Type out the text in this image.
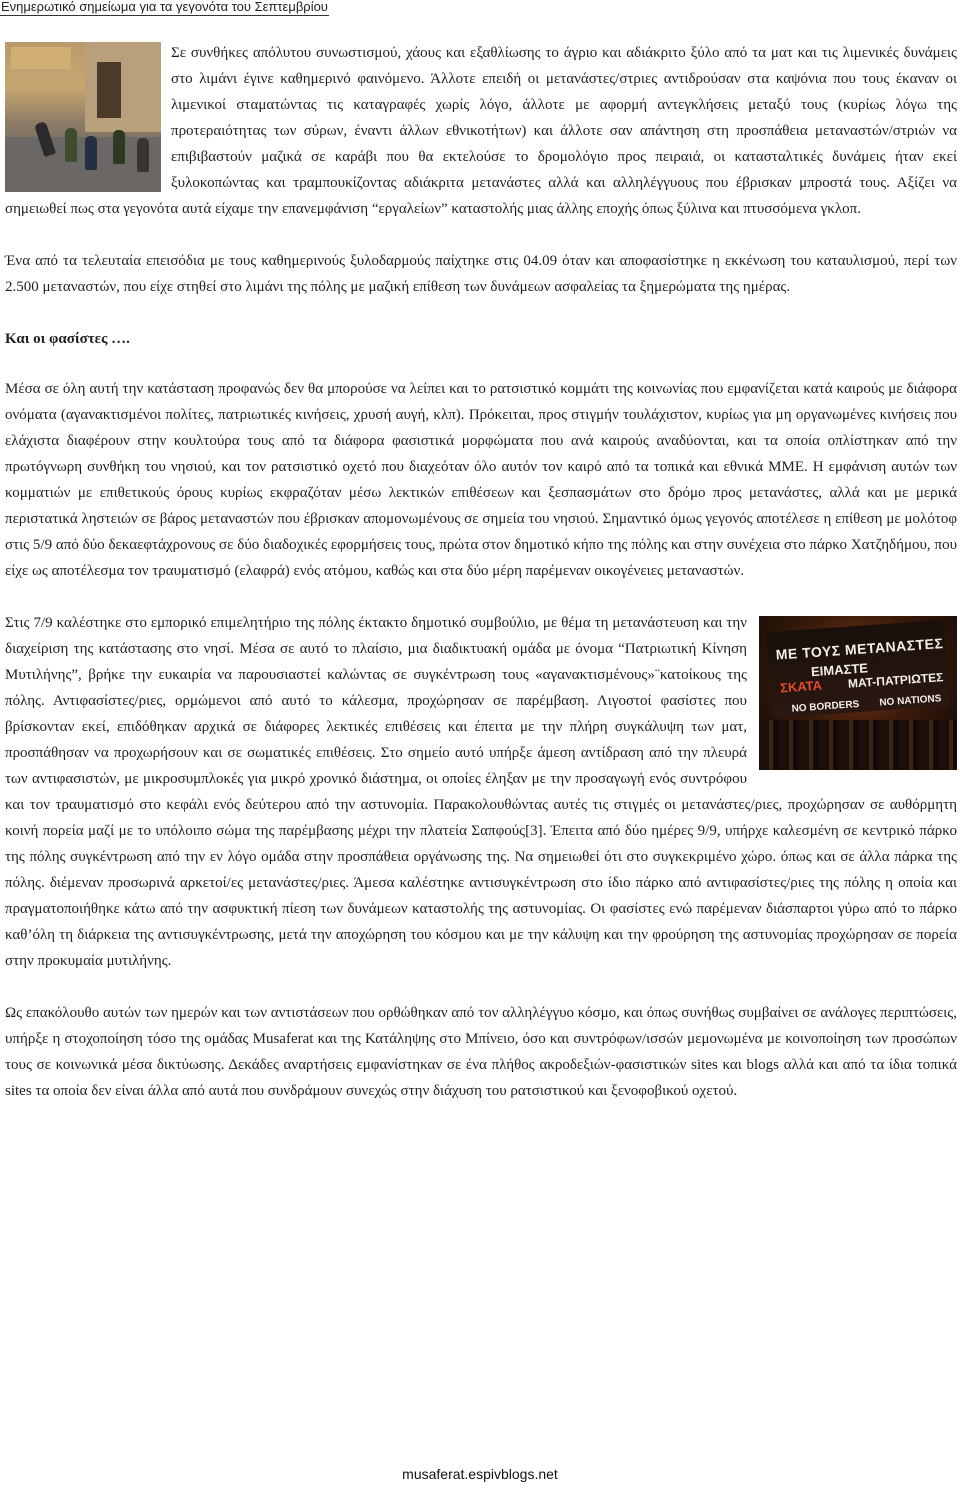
Ενημερωτικό σημείωμα για τα γεγονότα του Σεπτεμβρίου

Σε συνθήκες απόλυτου συνωστισμού, χάους και εξαθλίωσης το άγριο και αδιάκριτο ξύλο από τα ματ και τις λιμενικές δυνάμεις στο λιμάνι έγινε καθημερινό φαινόμενο. Άλλοτε επειδή οι μετανάστες/στριες αντιδρούσαν στα καψόνια που τους έκαναν οι λιμενικοί σταματώντας τις καταγραφές χωρίς λόγο, άλλοτε με αφορμή αντεγκλήσεις μεταξύ τους (κυρίως λόγω της προτεραιότητας των σύρων, έναντι άλλων εθνικοτήτων) και άλλοτε σαν απάντηση στη προσπάθεια μεταναστών/στριών να επιβιβαστούν μαζικά σε καράβι που θα εκτελούσε το δρομολόγιο προς πειραιά, οι κατασταλτικές δυνάμεις ήταν εκεί ξυλοκοπώντας και τραμπουκίζοντας αδιάκριτα μετανάστες αλλά και αλληλέγγυους που έβρισκαν μπροστά τους. Αξίζει να σημειωθεί πως στα γεγονότα αυτά είχαμε την επανεμφάνιση “εργαλείων” καταστολής μιας άλλης εποχής όπως ξύλινα και πτυσσόμενα γκλοπ.

Ένα από τα τελευταία επεισόδια με τους καθημερινούς ξυλοδαρμούς παίχτηκε στις 04.09 όταν και αποφασίστηκε η εκκένωση του καταυλισμού, περί των 2.500 μεταναστών, που είχε στηθεί στο λιμάνι της πόλης με μαζική επίθεση των δυνάμεων ασφαλείας τα ξημερώματα της ημέρας.

Και οι φασίστες ….

Μέσα σε όλη αυτή την κατάσταση προφανώς δεν θα μπορούσε να λείπει και το ρατσιστικό κομμάτι της κοινωνίας που εμφανίζεται κατά καιρούς με διάφορα ονόματα (αγανακτισμένοι πολίτες, πατριωτικές κινήσεις, χρυσή αυγή, κλπ). Πρόκειται, προς στιγμήν τουλάχιστον, κυρίως για μη οργανωμένες κινήσεις που ελάχιστα διαφέρουν στην κουλτούρα τους από τα διάφορα φασιστικά μορφώματα που ανά καιρούς αναδύονται, και τα οποία οπλίστηκαν από την πρωτόγνωρη συνθήκη του νησιού, και τον ρατσιστικό οχετό που διαχεόταν όλο αυτόν τον καιρό από τα τοπικά και εθνικά ΜΜΕ. Η εμφάνιση αυτών των κομματιών με επιθετικούς όρους κυρίως εκφραζόταν μέσω λεκτικών επιθέσεων και ξεσπασμάτων στο δρόμο προς μετανάστες, αλλά και με μερικά περιστατικά ληστειών σε βάρος μεταναστών που έβρισκαν απομονωμένους σε σημεία του νησιού. Σημαντικό όμως γεγονός αποτέλεσε η επίθεση με μολότοφ στις 5/9 από δύο δεκαεφτάχρονους σε δύο διαδοχικές εφορμήσεις τους, πρώτα στον δημοτικό κήπο της πόλης και στην συνέχεια στο πάρκο Χατζηδήμου, που είχε ως αποτέλεσμα τον τραυματισμό (ελαφρά) ενός ατόμου, καθώς και στα δύο μέρη παρέμεναν οικογένειες μεταναστών.

ΜΕ ΤΟΥΣ ΜΕΤΑΝΑΣΤΕΣ
ΕΙΜΑΣΤΕ
ΣΚΑΤΑ ΜΑΤ-ΠΑΤΡΙΩΤΕΣ
NO BORDERS NO NATIONS

Στις 7/9 καλέστηκε στο εμπορικό επιμελητήριο της πόλης έκτακτο δημοτικό συμβούλιο, με θέμα τη μετανάστευση και την διαχείριση της κατάστασης στο νησί. Μέσα σε αυτό το πλαίσιο, μια διαδικτυακή ομάδα με όνομα “Πατριωτική Κίνηση Μυτιλήνης”, βρήκε την ευκαιρία να παρουσιαστεί καλώντας σε συγκέντρωση τους «αγανακτισμένους»¨κατοίκους της πόλης. Αντιφασίστες/ριες, ορμώμενοι από αυτό το κάλεσμα, προχώρησαν σε παρέμβαση. Λιγοστοί φασίστες που βρίσκονταν εκεί, επιδόθηκαν αρχικά σε διάφορες λεκτικές επιθέσεις και έπειτα με την πλήρη συγκάλυψη των ματ, προσπάθησαν να προχωρήσουν και σε σωματικές επιθέσεις. Στο σημείο αυτό υπήρξε άμεση αντίδραση από την πλευρά των αντιφασιστών, με μικροσυμπλοκές για μικρό χρονικό διάστημα, οι οποίες έληξαν με την προσαγωγή ενός συντρόφου και τον τραυματισμό στο κεφάλι ενός δεύτερου από την αστυνομία. Παρακολουθώντας αυτές τις στιγμές οι μετανάστες/ριες, προχώρησαν σε αυθόρμητη κοινή πορεία μαζί με το υπόλοιπο σώμα της παρέμβασης μέχρι την πλατεία Σαπφούς[3]. Έπειτα από δύο ημέρες 9/9, υπήρχε καλεσμένη σε κεντρικό πάρκο της πόλης συγκέντρωση από την εν λόγο ομάδα στην προσπάθεια οργάνωσης της. Να σημειωθεί ότι στο συγκεκριμένο χώρο. όπως και σε άλλα πάρκα της πόλης. διέμεναν προσωρινά αρκετοί/ες μετανάστες/ριες. Άμεσα καλέστηκε αντισυγκέντρωση στο ίδιο πάρκο από αντιφασίστες/ριες της πόλης η οποία και πραγματοποιήθηκε κάτω από την ασφυκτική πίεση των δυνάμεων καταστολής της αστυνομίας. Οι φασίστες ενώ παρέμεναν διάσπαρτοι γύρω από το πάρκο καθ’όλη τη διάρκεια της αντισυγκέντρωσης, μετά την αποχώρηση του κόσμου και με την κάλυψη και την φρούρηση της αστυνομίας προχώρησαν σε πορεία στην προκυμαία μυτιλήνης.

Ως επακόλουθο αυτών των ημερών και των αντιστάσεων που ορθώθηκαν από τον αλληλέγγυο κόσμο, και όπως συνήθως συμβαίνει σε ανάλογες περιπτώσεις, υπήρξε η στοχοποίηση τόσο της ομάδας Musaferat και της Κατάληψης στο Μπίνειο, όσο και συντρόφων/ισσών μεμονωμένα με κοινοποίηση των προσώπων τους σε κοινωνικά μέσα δικτύωσης. Δεκάδες αναρτήσεις εμφανίστηκαν σε ένα πλήθος ακροδεξιών-φασιστικών sites και blogs αλλά και από τα ίδια τοπικά sites τα οποία δεν είναι άλλα από αυτά που συνδράμουν συνεχώς στην διάχυση του ρατσιστικού και ξενοφοβικού οχετού.

musaferat.espivblogs.net
